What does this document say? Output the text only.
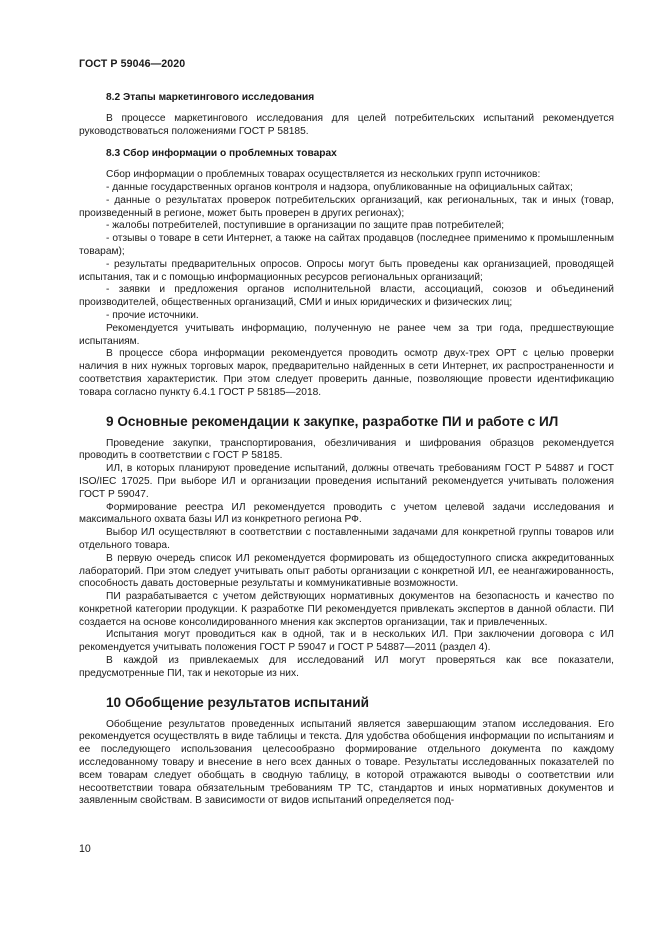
ГОСТ Р 59046—2020

8.2 Этапы маркетингового исследования

В процессе маркетингового исследования для целей потребительских испытаний рекомендуется руководствоваться положениями ГОСТ Р 58185.

8.3 Сбор информации о проблемных товарах

Сбор информации о проблемных товарах осуществляется из нескольких групп источников:

- данные государственных органов контроля и надзора, опубликованные на официальных сайтах;

- данные о результатах проверок потребительских организаций, как региональных, так и иных (товар, произведенный в регионе, может быть проверен в других регионах);

- жалобы потребителей, поступившие в организации по защите прав потребителей;

- отзывы о товаре в сети Интернет, а также на сайтах продавцов (последнее применимо к промышленным товарам);

- результаты предварительных опросов. Опросы могут быть проведены как организацией, проводящей испытания, так и с помощью информационных ресурсов региональных организаций;

- заявки и предложения органов исполнительной власти, ассоциаций, союзов и объединений производителей, общественных организаций, СМИ и иных юридических и физических лиц;

- прочие источники.

Рекомендуется учитывать информацию, полученную не ранее чем за три года, предшествующие испытаниям.

В процессе сбора информации рекомендуется проводить осмотр двух-трех ОРТ с целью проверки наличия в них нужных торговых марок, предварительно найденных в сети Интернет, их распространенности и соответствия характеристик. При этом следует проверить данные, позволяющие провести идентификацию товара согласно пункту 6.4.1 ГОСТ Р 58185—2018.

9 Основные рекомендации к закупке, разработке ПИ и работе с ИЛ

Проведение закупки, транспортирования, обезличивания и шифрования образцов рекомендуется проводить в соответствии с ГОСТ Р 58185.

ИЛ, в которых планируют проведение испытаний, должны отвечать требованиям ГОСТ Р 54887 и ГОСТ ISO/IEC 17025. При выборе ИЛ и организации проведения испытаний рекомендуется учитывать положения ГОСТ Р 59047.

Формирование реестра ИЛ рекомендуется проводить с учетом целевой задачи исследования и максимального охвата базы ИЛ из конкретного региона РФ.

Выбор ИЛ осуществляют в соответствии с поставленными задачами для конкретной группы товаров или отдельного товара.

В первую очередь список ИЛ рекомендуется формировать из общедоступного списка аккредитованных лабораторий. При этом следует учитывать опыт работы организации с конкретной ИЛ, ее неангажированность, способность давать достоверные результаты и коммуникативные возможности.

ПИ разрабатывается с учетом действующих нормативных документов на безопасность и качество по конкретной категории продукции. К разработке ПИ рекомендуется привлекать экспертов в данной области. ПИ создается на основе консолидированного мнения как экспертов организации, так и привлеченных.

Испытания могут проводиться как в одной, так и в нескольких ИЛ. При заключении договора с ИЛ рекомендуется учитывать положения ГОСТ Р 59047 и ГОСТ Р 54887—2011 (раздел 4).

В каждой из привлекаемых для исследований ИЛ могут проверяться как все показатели, предусмотренные ПИ, так и некоторые из них.

10 Обобщение результатов испытаний

Обобщение результатов проведенных испытаний является завершающим этапом исследования. Его рекомендуется осуществлять в виде таблицы и текста. Для удобства обобщения информации по испытаниям и ее последующего использования целесообразно формирование отдельного документа по каждому исследованному товару и внесение в него всех данных о товаре. Результаты исследованных показателей по всем товарам следует обобщать в сводную таблицу, в которой отражаются выводы о соответствии или несоответствии товара обязательным требованиям ТР ТС, стандартов и иных нормативных документов и заявленным свойствам. В зависимости от видов испытаний определяется под-

10
